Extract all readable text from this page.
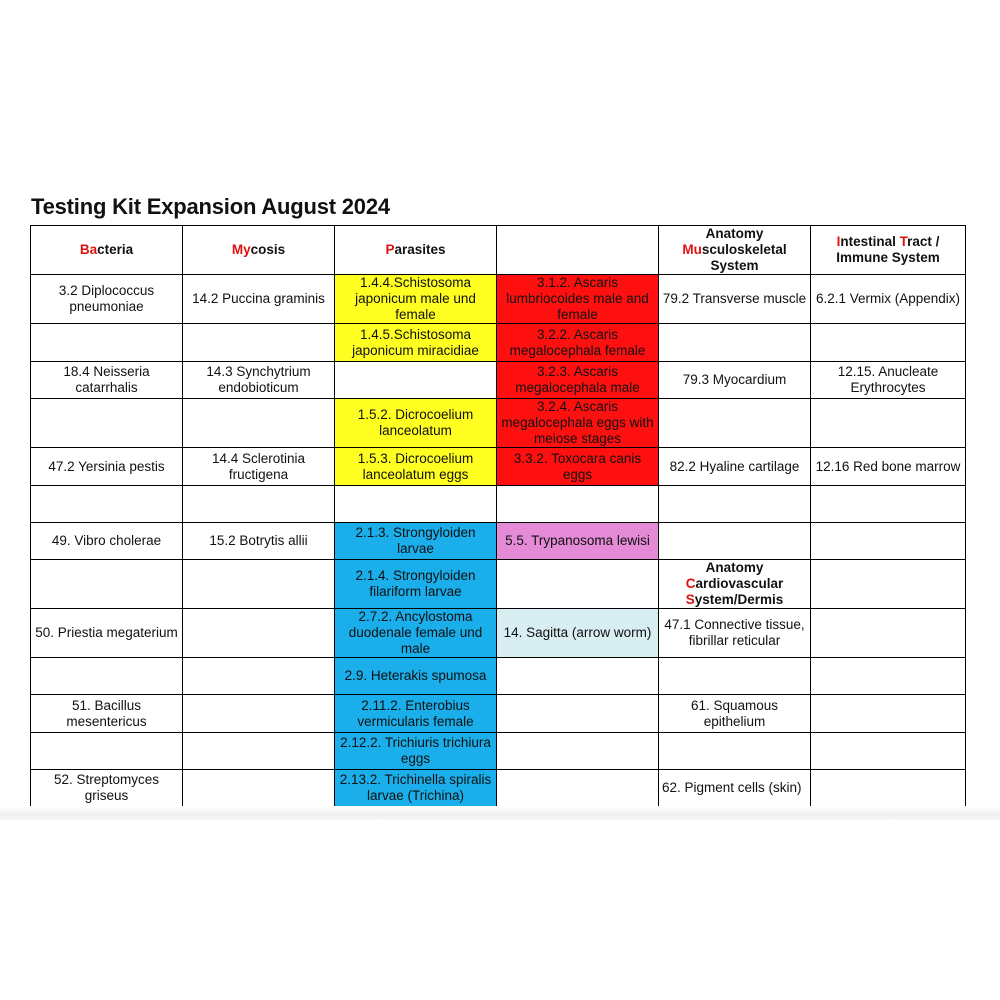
Testing Kit Expansion August 2024
Bacteria	Mycosis	Parasites		Anatomy
Musculoskeletal
System	Intestinal Tract /
Immune System

3.2 Diplococcus pneumoniae	14.2 Puccina graminis	1.4.4.Schistosoma japonicum male und female	3.1.2. Ascaris lumbriocoides male and female	79.2 Transverse muscle	6.2.1 Vermix (Appendix)
		1.4.5.Schistosoma japonicum miracidiae	3.2.2. Ascaris megalocephala female		
18.4 Neisseria catarrhalis	14.3 Synchytrium endobioticum		3.2.3. Ascaris megalocephala male	79.3 Myocardium	12.15. Anucleate Erythrocytes
		1.5.2. Dicrocoelium lanceolatum	3.2.4. Ascaris megalocephala eggs with meiose stages		
47.2 Yersinia pestis	14.4 Sclerotinia fructigena	1.5.3. Dicrocoelium lanceolatum eggs	3.3.2. Toxocara canis eggs	82.2 Hyaline cartilage	12.16 Red bone marrow

49. Vibro cholerae	15.2 Botrytis allii	2.1.3. Strongyloiden larvae	5.5. Trypanosoma lewisi		
		2.1.4. Strongyloiden filariform larvae		Anatomy
Cardiovascular
System/Dermis	

50. Priestia megaterium		2.7.2. Ancylostoma duodenale female und male	14. Sagitta (arrow worm)	47.1 Connective tissue, fibrillar reticular	
		2.9. Heterakis spumosa			
51. Bacillus mesentericus		2.11.2. Enterobius vermicularis female		61. Squamous epithelium	
		2.12.2. Trichiuris trichiura eggs			
52. Streptomyces griseus		2.13.2. Trichinella spiralis larvae (Trichina)		62. Pigment cells (skin)	
